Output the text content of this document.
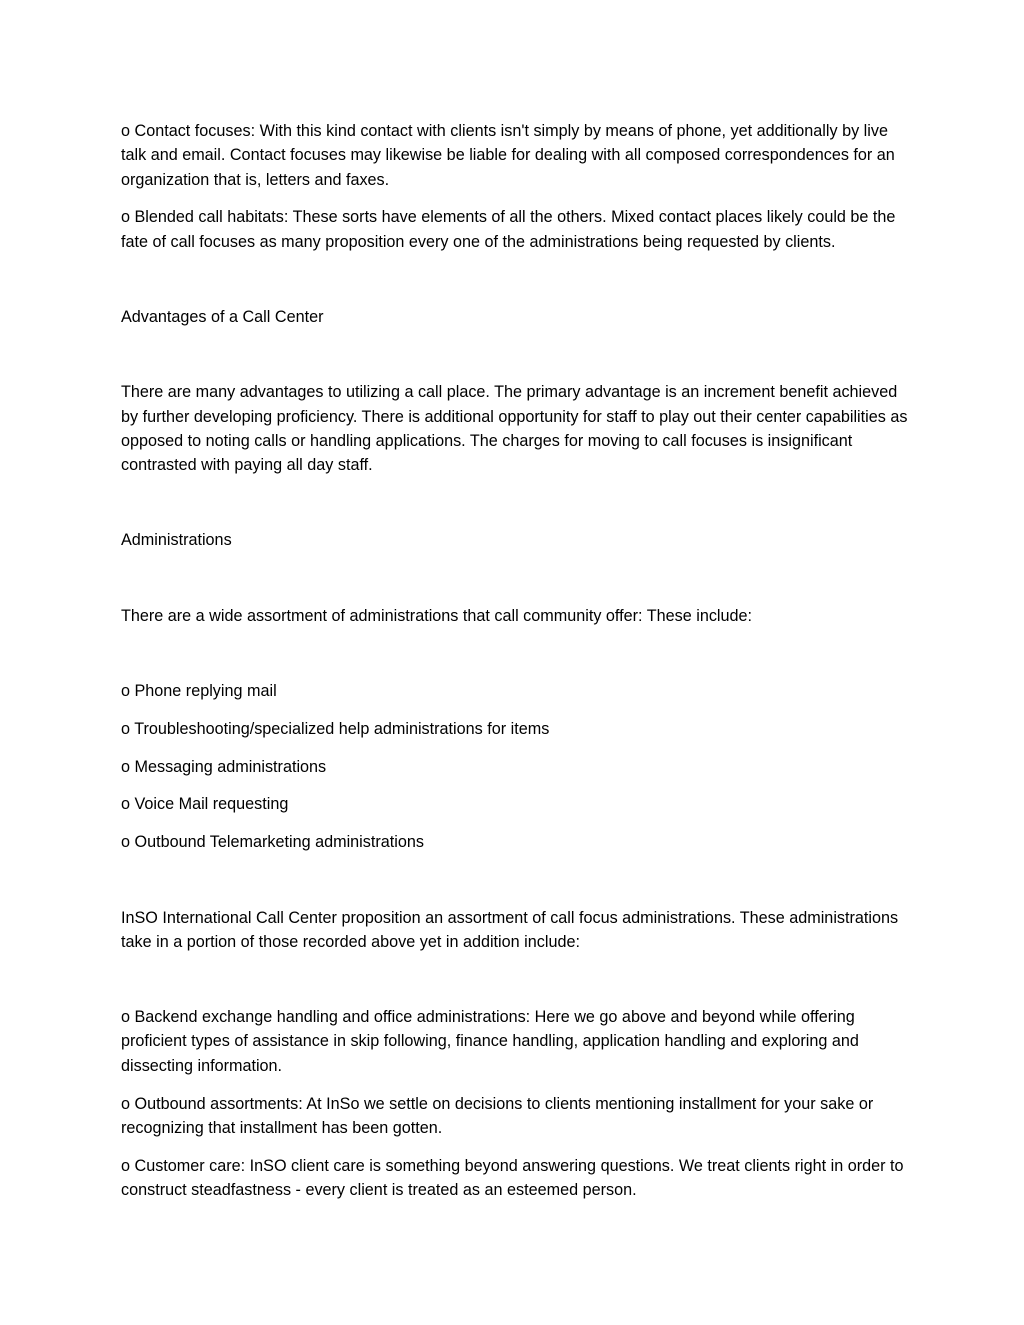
o Contact focuses: With this kind contact with clients isn't simply by means of phone, yet additionally by live talk and email. Contact focuses may likewise be liable for dealing with all composed correspondences for an organization that is, letters and faxes.

o Blended call habitats: These sorts have elements of all the others. Mixed contact places likely could be the fate of call focuses as many proposition every one of the administrations being requested by clients.

Advantages of a Call Center

There are many advantages to utilizing a call place. The primary advantage is an increment benefit achieved by further developing proficiency. There is additional opportunity for staff to play out their center capabilities as opposed to noting calls or handling applications. The charges for moving to call focuses is insignificant contrasted with paying all day staff.

Administrations

There are a wide assortment of administrations that call community offer: These include:

o Phone replying mail

o Troubleshooting/specialized help administrations for items

o Messaging administrations

o Voice Mail requesting

o Outbound Telemarketing administrations

InSO International Call Center proposition an assortment of call focus administrations. These administrations take in a portion of those recorded above yet in addition include:

o Backend exchange handling and office administrations: Here we go above and beyond while offering proficient types of assistance in skip following, finance handling, application handling and exploring and dissecting information.

o Outbound assortments: At InSo we settle on decisions to clients mentioning installment for your sake or recognizing that installment has been gotten.

o Customer care: InSO client care is something beyond answering questions. We treat clients right in order to construct steadfastness - every client is treated as an esteemed person.
